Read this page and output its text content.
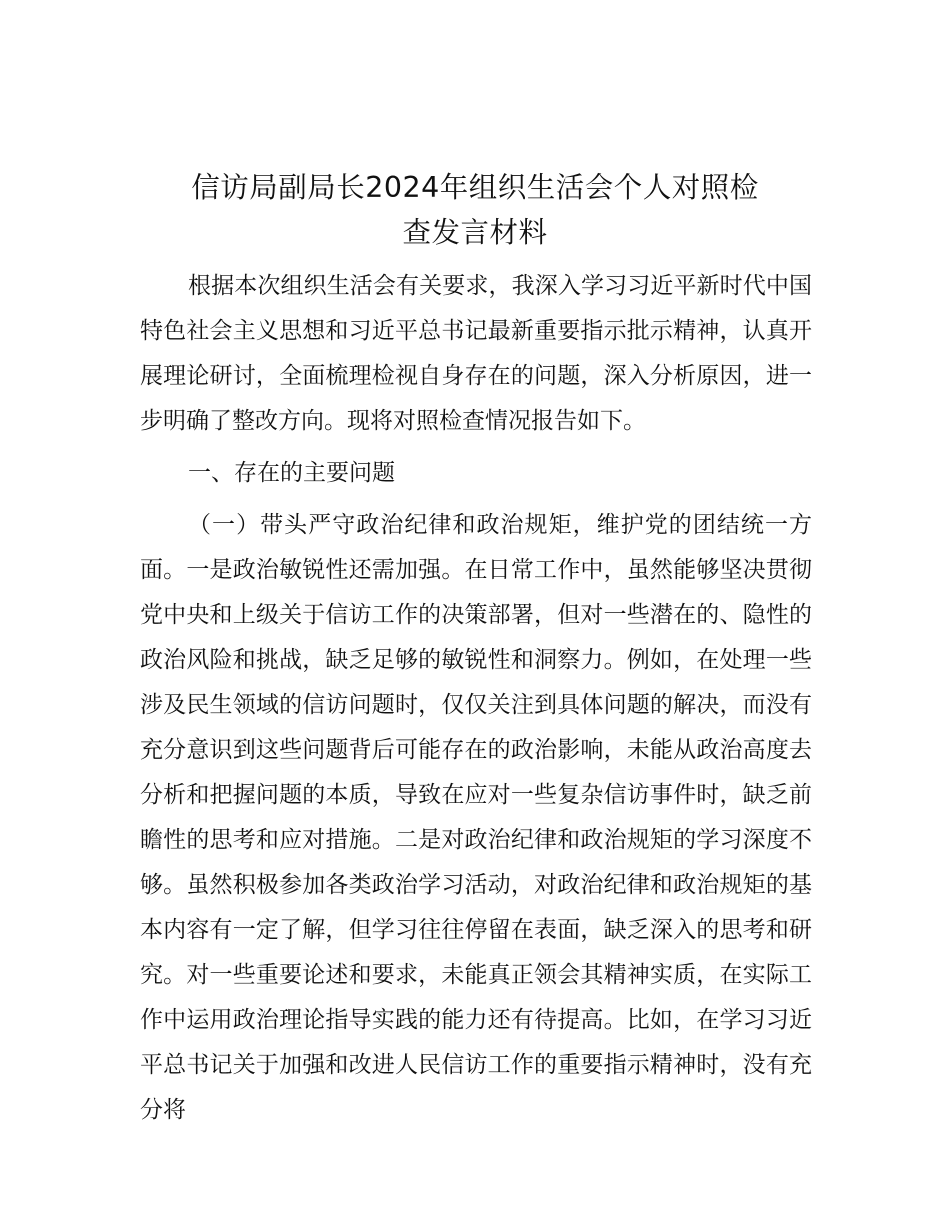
信访局副局长2024年组织生活会个人对照检
查发言材料

根据本次组织生活会有关要求，我深入学习习近平新时代中国特色社会主义思想和习近平总书记最新重要指示批示精神，认真开展理论研讨，全面梳理检视自身存在的问题，深入分析原因，进一步明确了整改方向。现将对照检查情况报告如下。

一、存在的主要问题

（一）带头严守政治纪律和政治规矩，维护党的团结统一方面。一是政治敏锐性还需加强。在日常工作中，虽然能够坚决贯彻党中央和上级关于信访工作的决策部署，但对一些潜在的、隐性的政治风险和挑战，缺乏足够的敏锐性和洞察力。例如，在处理一些涉及民生领域的信访问题时，仅仅关注到具体问题的解决，而没有充分意识到这些问题背后可能存在的政治影响，未能从政治高度去分析和把握问题的本质，导致在应对一些复杂信访事件时，缺乏前瞻性的思考和应对措施。二是对政治纪律和政治规矩的学习深度不够。虽然积极参加各类政治学习活动，对政治纪律和政治规矩的基本内容有一定了解，但学习往往停留在表面，缺乏深入的思考和研究。对一些重要论述和要求，未能真正领会其精神实质，在实际工作中运用政治理论指导实践的能力还有待提高。比如，在学习习近平总书记关于加强和改进人民信访工作的重要指示精神时，没有充分将
